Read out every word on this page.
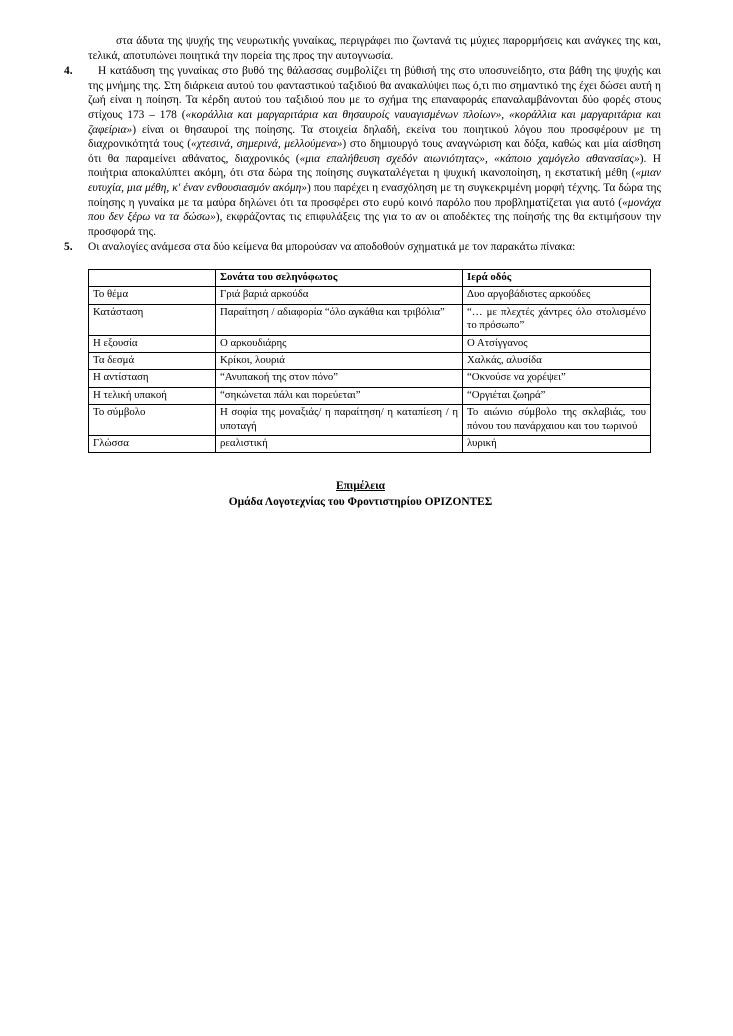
στα άδυτα της ψυχής της νευρωτικής γυναίκας, περιγράφει πιο ζωντανά τις μύχιες παρορμήσεις και ανάγκες της και, τελικά, αποτυπώνει ποιητικά την πορεία της προς την αυτογνωσία.

4.	Η κατάδυση της γυναίκας στο βυθό της θάλασσας συμβολίζει τη βύθισή της στο υποσυνείδητο, στα βάθη της ψυχής και της μνήμης της. Στη διάρκεια αυτού του φανταστικού ταξιδιού θα ανακαλύψει πως ό,τι πιο σημαντικό της έχει δώσει αυτή η ζωή είναι η ποίηση. Τα κέρδη αυτού του ταξιδιού που με το σχήμα της επαναφοράς επαναλαμβάνονται δύο φορές στους στίχους 173 – 178 («κοράλλια και μαργαριτάρια και θησαυροίς ναυαγισμένων πλοίων», «κοράλλια και μαργαριτάρια και ζαφείρια») είναι οι θησαυροί της ποίησης. Τα στοιχεία δηλαδή, εκείνα του ποιητικού λόγου που προσφέρουν με τη διαχρονικότητά τους («χτεσινά, σημερινά, μελλούμενα») στο δημιουργό τους αναγνώριση και δόξα, καθώς και μία αίσθηση ότι θα παραμείνει αθάνατος, διαχρονικός («μια επαλήθευση σχεδόν αιωνιότητας», «κάποιο χαμόγελο αθανασίας»). Η ποιήτρια αποκαλύπτει ακόμη, ότι στα δώρα της ποίησης συγκαταλέγεται η ψυχική ικανοποίηση, η εκστατική μέθη («μιαν ευτυχία, μια μέθη, κ' έναν ενθουσιασμόν ακόμη») που παρέχει η ενασχόληση με τη συγκεκριμένη μορφή τέχνης. Τα δώρα της ποίησης η γυναίκα με τα μαύρα δηλώνει ότι τα προσφέρει στο ευρύ κοινό παρόλο που προβληματίζεται για αυτό («μονάχα που δεν ξέρω να τα δώσω»), εκφράζοντας τις επιφυλάξεις της για το αν οι αποδέκτες της ποίησής της θα εκτιμήσουν την προσφορά της.
5.	Οι αναλογίες ανάμεσα στα δύο κείμενα θα μπορούσαν να αποδοθούν σχηματικά με τον παρακάτω πίνακα:
	Σονάτα του σεληνόφωτος	Ιερά οδός
Το θέμα	Γριά βαριά αρκούδα	Δυο αργοβάδιστες αρκούδες
Κατάσταση	Παραίτηση / αδιαφορία “όλο αγκάθια και τριβόλια”	“… με πλεχτές χάντρες όλο στολισμένο το πρόσωπο”
Η εξουσία	Ο αρκουδιάρης	Ο Ατσίγγανος
Τα δεσμά	Κρίκοι, λουριά	Χαλκάς, αλυσίδα
Η αντίσταση	“Ανυπακοή της στον πόνο”	“Οκνούσε να χορέψει”
Η τελική υπακοή	“σηκώνεται πάλι και πορεύεται”	“Οργιέται ζωηρά”
Το σύμβολο	Η σοφία της μοναξιάς/ η παραίτηση/ η καταπίεση / η υποταγή	Το αιώνιο σύμβολο της σκλαβιάς, του πόνου του πανάρχαιου και του τωρινού
Γλώσσα	ρεαλιστική	λυρική
Επιμέλεια
Ομάδα Λογοτεχνίας του Φροντιστηρίου ΟΡΙΖΟΝΤΕΣ
